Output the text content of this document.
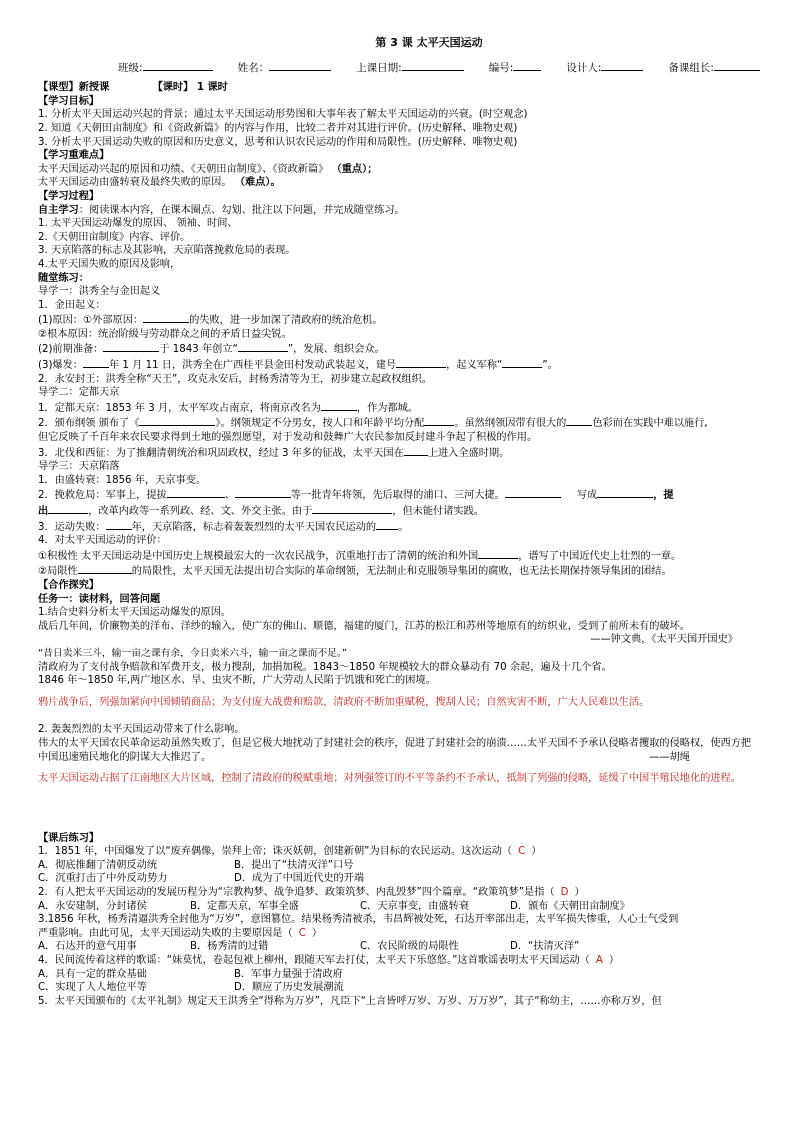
第 3 课 太平天国运动
班级:	姓名：	上课日期:	编号:	设计人:	备课组长:
【课型】新授课	【课时】 1 课时
【学习目标】
1. 分析太平天国运动兴起的背景；通过太平天国运动形势图和大事年表了解太平天国运动的兴衰。(时空观念)
2. 知道《天朝田亩制度》和《资政新篇》的内容与作用，比较二者并对其进行评价。(历史解释、唯物史观)
3. 分析太平天国运动失败的原因和历史意义，思考和认识农民运动的作用和局限性。(历史解释、唯物史观)
【学习重难点】
太平天国运动兴起的原因和功绩、《天朝田亩制度》、《资政新篇》 （重点）；
太平天国运动由盛转衰及最终失败的原因。 （难点）。
【学习过程】
自主学习：阅读课本内容，在课本圈点、勾划、批注以下问题，并完成随堂练习。
1. 太平天国运动爆发的原因、 领袖、时间、
2.《天朝田亩制度》内容、评价。
3. 天京陷落的标志及其影响，天京陷落挽救危局的表现。
4.太平天国失败的原因及影响，
随堂练习：
导学一：洪秀全与金田起义
1．金田起义：
(1)原因：①外部原因：	的失败，进一步加深了清政府的统治危机。
②根本原因：统治阶级与劳动群众之间的矛盾日益尖锐。
(2)前期准备：	于 1843 年创立“	”，发展、组织会众。
(3)爆发：	年 1 月 11 日，洪秀全在广西桂平县金田村发动武装起义，建号	，起义军称“	”。
2．永安封王：洪秀全称“天王”，攻克永安后，封杨秀清等为王，初步建立起政权组织。
导学二：定都天京
1．定都天京：1853 年 3 月，太平军攻占南京，将南京改名为	，作为都城。
2．颁布纲领 颁布了《	》。纲领规定不分男女，按人口和年龄平均分配	。虽然纲领因带有很大的	色彩而在实践中难以施行,
但它反映了千百年来农民要求得到土地的强烈愿望，对于发动和鼓舞广大农民参加反封建斗争起了积极的作用。
3．北伐和西征：为了推翻清朝统治和巩固政权，经过 3 年多的征战，太平天国在 上进入全盛时期。
导学三：天京陷落
1．由盛转衰：1856 年，天京事变。
2．挽救危局：军事上，提拔	、	等一批青年将领，先后取得的浦口、三河大捷。	写成	，提
出	，改革内政等一系列政、经、文、外交主张。由于	，但未能付诸实践。
3．运动失败：	年，天京陷落，标志着轰轰烈烈的太平天国农民运动的 。
4．对太平天国运动的评价：
①积极性 太平天国运动是中国历史上规模最宏大的一次农民战争，沉重地打击了清朝的统治和外国	，谱写了中国近代史上壮烈的一章。
②局限性	的局限性，太平天国无法提出切合实际的革命纲领，无法制止和克服领导集团的腐败，也无法长期保持领导集团的团结。
【合作探究】
任务一：读材料，回答问题
1.结合史料分析太平天国运动爆发的原因。
战后几年间，价廉物美的洋布、洋纱的输入，使广东的佛山、顺德，福建的厦门，江苏的松江和苏州等地原有的纺织业，受到了前所未有的破坏。
——钟文典，《太平天国开国史》
“昔日卖米三斗，输一亩之课有余，今日卖米六斗，输一亩之课而不足。”
清政府为了支付战争赔款和军费开支，极力搜刮，加捐加税。1843～1850 年规模较大的群众暴动有 70 余起，遍及十几个省。
1846 年～1850 年,两广地区水、旱、虫灾不断，广大劳动人民陷于饥饿和死亡的困境。
鸦片战争后，列强加紧向中国倾销商品；为支付庞大战费和赔款，清政府不断加重赋税，搜刮人民；自然灾害不断，广大人民难以生活。
2. 轰轰烈烈的太平天国运动带来了什么影响。
伟大的太平天国农民革命运动虽然失败了，但是它极大地扰动了封建社会的秩序，促进了封建社会的崩溃……太平天国不予承认侵略者攫取的侵略权，使西方把中国迅速殖民地化的阴谋大大推迟了。	——胡绳
太平天国运动占据了江南地区大片区域，控制了清政府的税赋重地；对列强签订的不平等条约不予承认，抵制了列强的侵略，延缓了中国半殖民地化的进程。
【课后练习】
1．1851 年，中国爆发了以“废弃偶像，崇拜上帝；诛灭妖朝，创建新朝”为目标的农民运动。这次运动（ C ）
A．彻底推翻了清朝反动统	B．提出了“扶清灭洋”口号
C．沉重打击了中外反动势力	D．成为了中国近代史的开端
2．有人把太平天国运动的发展历程分为“宗教构梦、战争追梦、政策筑梦、内乱毁梦”四个篇章。“政策筑梦”是指（ D ）
A．永安建制，分封诸侯	B．定都天京，军事全盛	C．天京事变，由盛转衰	D．颁布《天朝田亩制度》
3.1856 年秋，杨秀清逼洪秀全封他为“万岁”，意图篡位。结果杨秀清被杀，韦昌辉被处死，石达开率部出走，太平军损失惨重，人心士气受到
严重影响。由此可见，太平天国运动失败的主要原因是（ C ）
A．石达开的意气用事	B．杨秀清的过错	C．农民阶级的局限性	D．“扶清灭洋”
4．民间流传着这样的歌谣：“妹莫忧，卷起包袱上柳州，跟随天军去打仗，太平天下乐悠悠。”这首歌谣表明太平天国运动（ A ）
A．具有一定的群众基础	B．军事力量强于清政府
C．实现了人人地位平等	D．顺应了历史发展潮流
5．太平天国颁布的《太平礼制》规定天王洪秀全“得称为万岁”，凡臣下“上言皆呼万岁、万岁、万万岁”，其子“称幼主，……亦称万岁，但
